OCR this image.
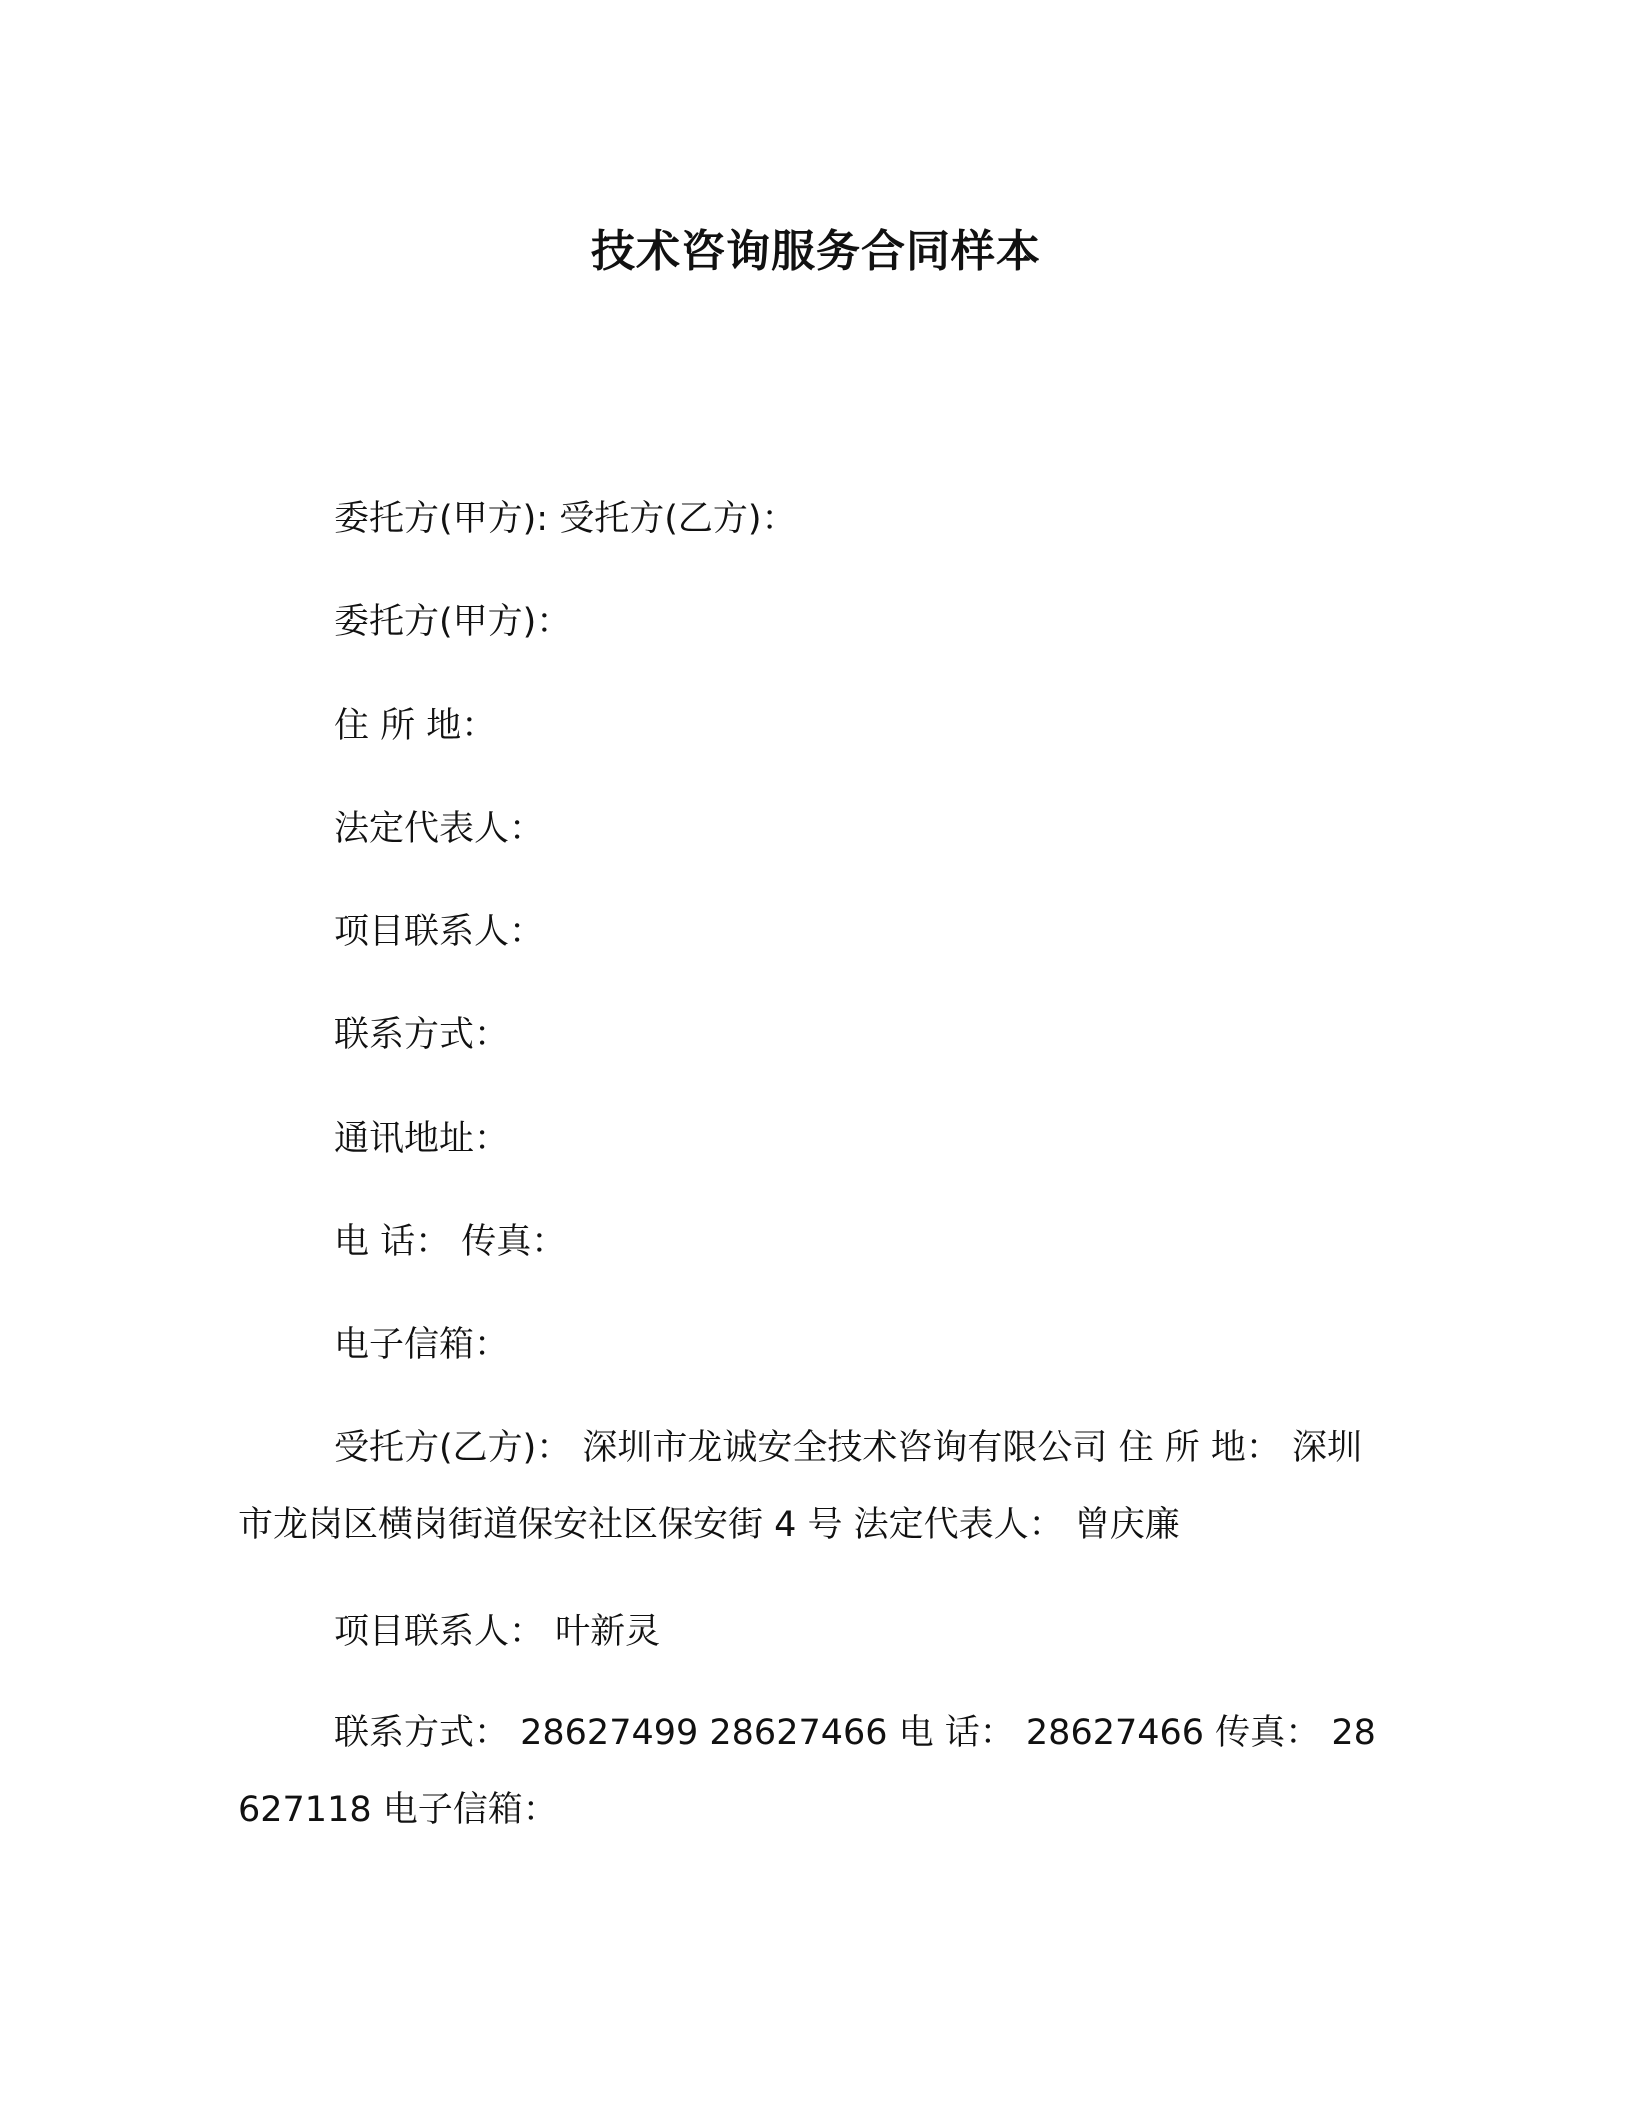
技术咨询服务合同样本

委托方(甲方): 受托方(乙方)：

委托方(甲方)：

住 所 地：

法定代表人：

项目联系人：

联系方式：

通讯地址：

电 话： 传真：

电子信箱：

受托方(乙方)： 深圳市龙诚安全技术咨询有限公司 住 所 地： 深圳市龙岗区横岗街道保安社区保安街 4 号 法定代表人： 曾庆廉

项目联系人： 叶新灵

联系方式： 28627499 28627466 电 话： 28627466 传真： 28627118 电子信箱：
